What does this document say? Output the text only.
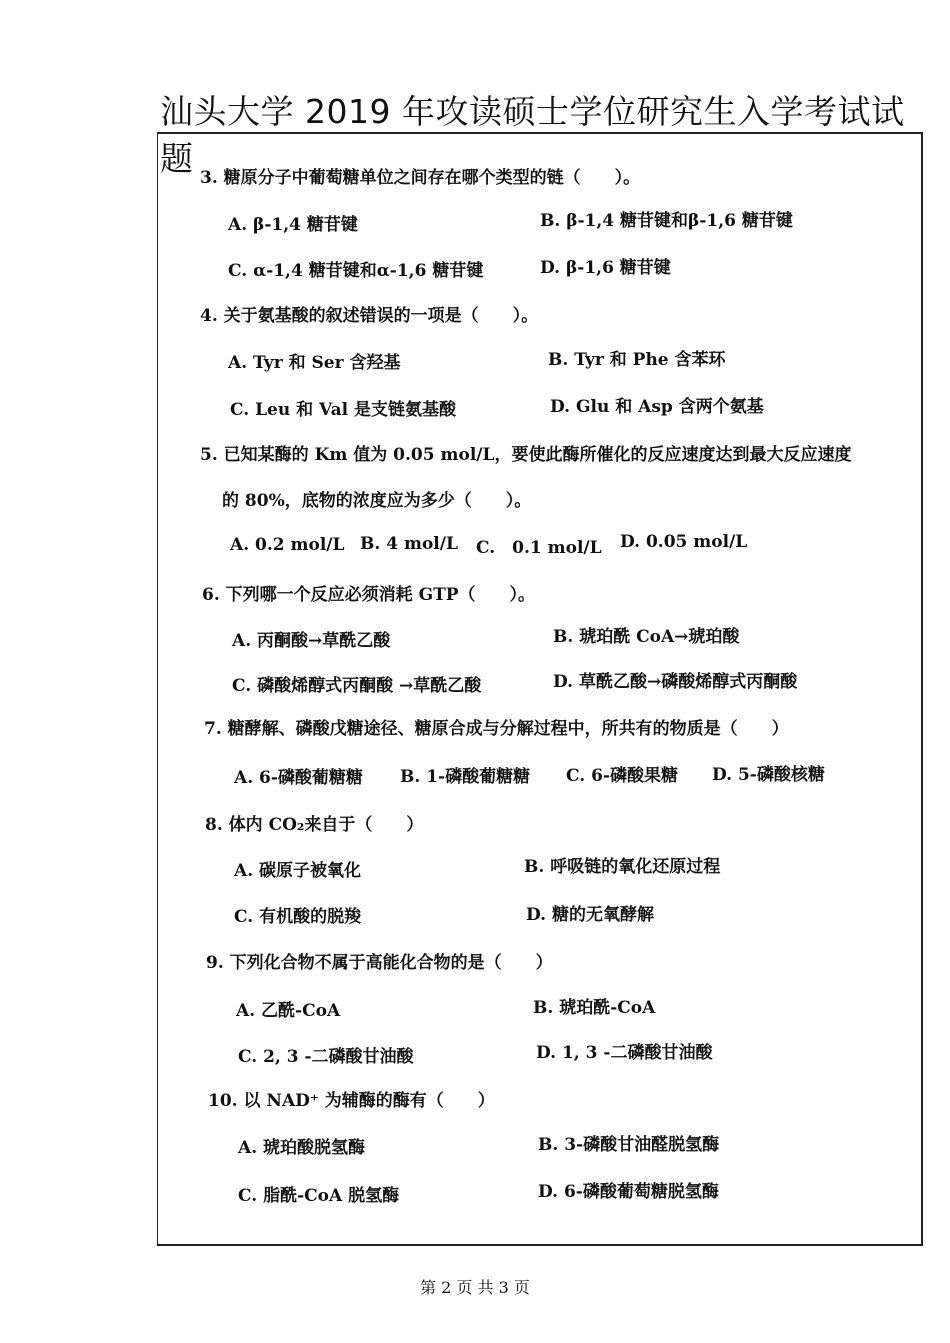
汕头大学 2019 年攻读硕士学位研究生入学考试试题 3. 糖原分子中葡萄糖单位之间存在哪个类型的链（　　）。
A. β-1,4 糖苷键	B. β-1,4 糖苷键和β-1,6 糖苷键
C. α-1,4 糖苷键和α-1,6 糖苷键	D. β-1,6 糖苷键
4. 关于氨基酸的叙述错误的一项是（　　）。
A. Tyr 和 Ser 含羟基	B. Tyr 和 Phe 含苯环
C. Leu 和 Val 是支链氨基酸	D. Glu 和 Asp 含两个氨基
5. 已知某酶的 Km 值为 0.05 mol/L，要使此酶所催化的反应速度达到最大反应速度
的 80%，底物的浓度应为多少（　　）。
A. 0.2 mol/L B. 4 mol/L C.　0.1 mol/L D. 0.05 mol/L
6. 下列哪一个反应必须消耗 GTP（　　）。
A. 丙酮酸→草酰乙酸	B. 琥珀酰 CoA→琥珀酸
C. 磷酸烯醇式丙酮酸 →草酰乙酸	D. 草酰乙酸→磷酸烯醇式丙酮酸
7. 糖酵解、磷酸戊糖途径、糖原合成与分解过程中，所共有的物质是（　　）
A. 6-磷酸葡糖糖 B. 1-磷酸葡糖糖 C. 6-磷酸果糖 D. 5-磷酸核糖
8. 体内 CO₂来自于（　　）
A. 碳原子被氧化	B. 呼吸链的氧化还原过程
C. 有机酸的脱羧	D. 糖的无氧酵解
9. 下列化合物不属于高能化合物的是（　　）
A. 乙酰-CoA	B. 琥珀酰-CoA
C. 2, 3 -二磷酸甘油酸	D. 1, 3 -二磷酸甘油酸
10. 以 NAD⁺ 为辅酶的酶有（　　）
A. 琥珀酸脱氢酶	B. 3-磷酸甘油醛脱氢酶
C. 脂酰-CoA 脱氢酶	D. 6-磷酸葡萄糖脱氢酶
第 2 页 共 3 页
